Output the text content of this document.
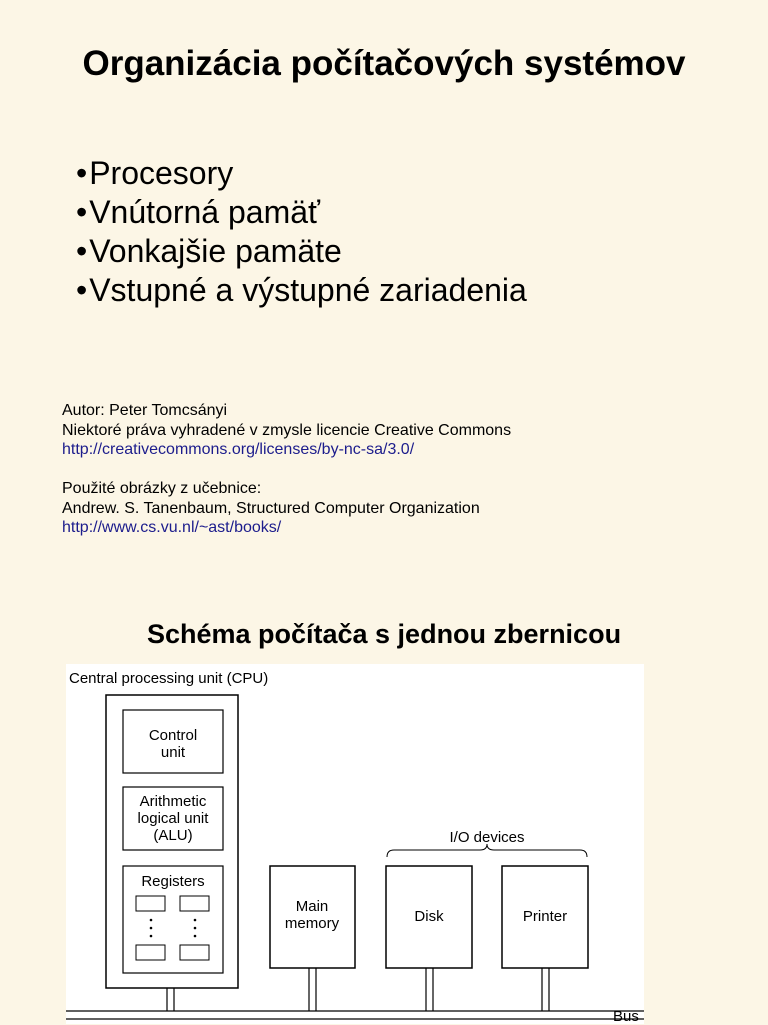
Organizácia počítačových systémov
• Procesory
• Vnútorná pamäť
• Vonkajšie pamäte
• Vstupné a výstupné zariadenia
Autor: Peter Tomcsányi
Niektoré práva vyhradené v zmysle licencie Creative Commons
http://creativecommons.org/licenses/by-nc-sa/3.0/
Použité obrázky z učebnice:
Andrew. S. Tanenbaum, Structured Computer Organization
http://www.cs.vu.nl/~ast/books/
Schéma počítača s jednou zbernicou
Central processing unit (CPU)
Control
unit
Arithmetic
logical unit
(ALU)
Registers
Main
memory
I/O devices
Disk	Printer
Bus
